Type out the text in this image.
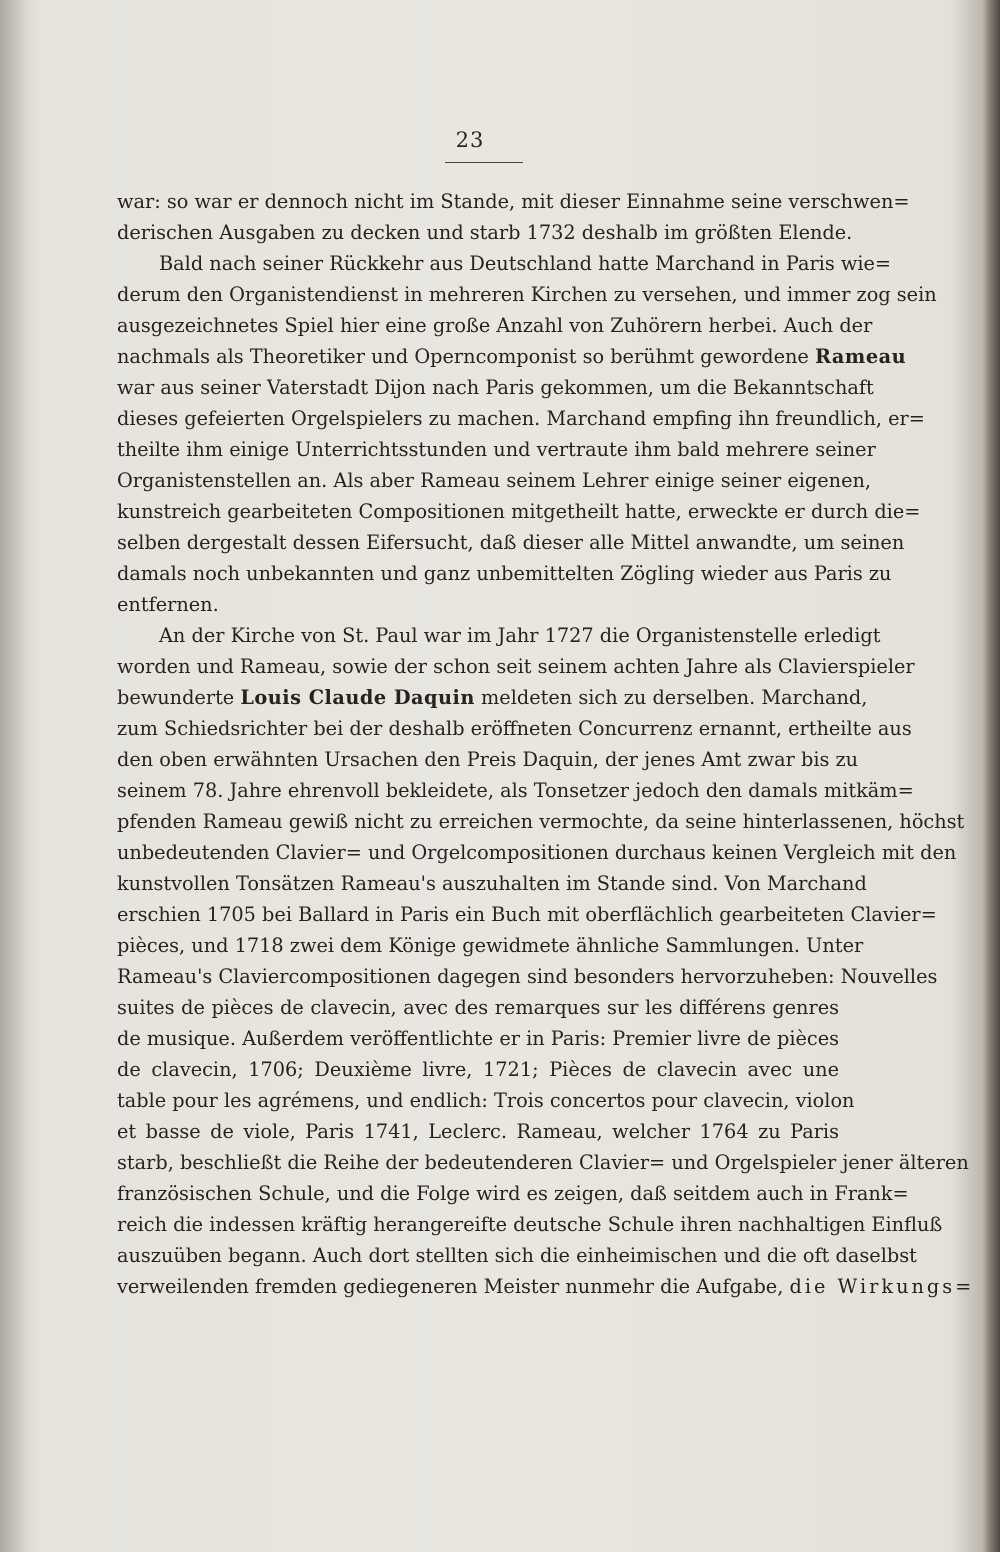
23
war: so war er dennoch nicht im Stande, mit dieser Einnahme seine verschwen=
derischen Ausgaben zu decken und starb 1732 deshalb im größten Elende.
Bald nach seiner Rückkehr aus Deutschland hatte Marchand in Paris wie=
derum den Organistendienst in mehreren Kirchen zu versehen, und immer zog sein
ausgezeichnetes Spiel hier eine große Anzahl von Zuhörern herbei. Auch der
nachmals als Theoretiker und Operncomponist so berühmt gewordene Rameau
war aus seiner Vaterstadt Dijon nach Paris gekommen, um die Bekanntschaft
dieses gefeierten Orgelspielers zu machen. Marchand empfing ihn freundlich, er=
theilte ihm einige Unterrichtsstunden und vertraute ihm bald mehrere seiner
Organistenstellen an. Als aber Rameau seinem Lehrer einige seiner eigenen,
kunstreich gearbeiteten Compositionen mitgetheilt hatte, erweckte er durch die=
selben dergestalt dessen Eifersucht, daß dieser alle Mittel anwandte, um seinen
damals noch unbekannten und ganz unbemittelten Zögling wieder aus Paris zu
entfernen.
An der Kirche von St. Paul war im Jahr 1727 die Organistenstelle erledigt
worden und Rameau, sowie der schon seit seinem achten Jahre als Clavierspieler
bewunderte Louis Claude Daquin meldeten sich zu derselben. Marchand,
zum Schiedsrichter bei der deshalb eröffneten Concurrenz ernannt, ertheilte aus
den oben erwähnten Ursachen den Preis Daquin, der jenes Amt zwar bis zu
seinem 78. Jahre ehrenvoll bekleidete, als Tonsetzer jedoch den damals mitkäm=
pfenden Rameau gewiß nicht zu erreichen vermochte, da seine hinterlassenen, höchst
unbedeutenden Clavier= und Orgelcompositionen durchaus keinen Vergleich mit den
kunstvollen Tonsätzen Rameau's auszuhalten im Stande sind. Von Marchand
erschien 1705 bei Ballard in Paris ein Buch mit oberflächlich gearbeiteten Clavier=
pièces, und 1718 zwei dem Könige gewidmete ähnliche Sammlungen. Unter
Rameau's Claviercompositionen dagegen sind besonders hervorzuheben: Nouvelles
suites de pièces de clavecin, avec des remarques sur les différens genres
de musique. Außerdem veröffentlichte er in Paris: Premier livre de pièces
de clavecin, 1706; Deuxième livre, 1721; Pièces de clavecin avec une
table pour les agrémens, und endlich: Trois concertos pour clavecin, violon
et basse de viole, Paris 1741, Leclerc. Rameau, welcher 1764 zu Paris
starb, beschließt die Reihe der bedeutenderen Clavier= und Orgelspieler jener älteren
französischen Schule, und die Folge wird es zeigen, daß seitdem auch in Frank=
reich die indessen kräftig herangereifte deutsche Schule ihren nachhaltigen Einfluß
auszuüben begann. Auch dort stellten sich die einheimischen und die oft daselbst
verweilenden fremden gediegeneren Meister nunmehr die Aufgabe, die Wirkungs=
